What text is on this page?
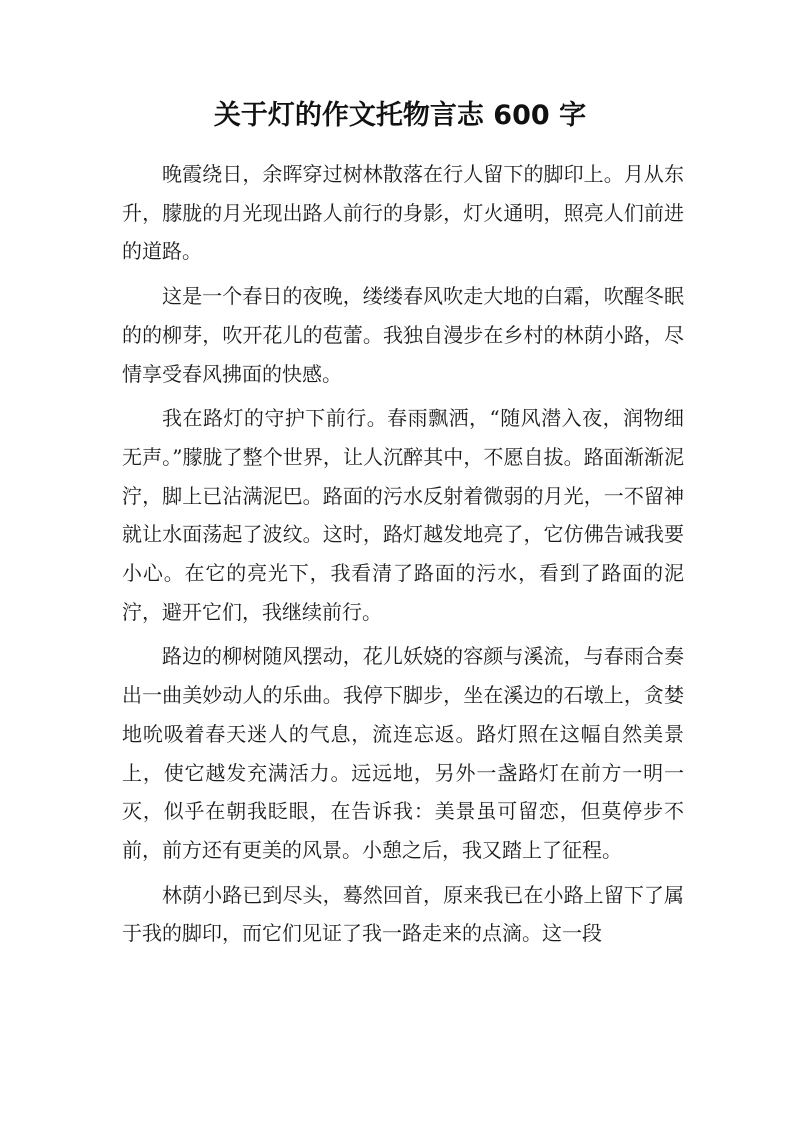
关于灯的作文托物言志 600 字

晚霞绕日，余晖穿过树林散落在行人留下的脚印上。月从东升，朦胧的月光现出路人前行的身影，灯火通明，照亮人们前进的道路。

这是一个春日的夜晚，缕缕春风吹走大地的白霜，吹醒冬眠的的柳芽，吹开花儿的苞蕾。我独自漫步在乡村的林荫小路，尽情享受春风拂面的快感。

我在路灯的守护下前行。春雨飘洒，“随风潜入夜，润物细无声。”朦胧了整个世界，让人沉醉其中，不愿自拔。路面渐渐泥泞，脚上已沾满泥巴。路面的污水反射着微弱的月光，一不留神就让水面荡起了波纹。这时，路灯越发地亮了，它仿佛告诫我要小心。在它的亮光下，我看清了路面的污水，看到了路面的泥泞，避开它们，我继续前行。

路边的柳树随风摆动，花儿妖娆的容颜与溪流，与春雨合奏出一曲美妙动人的乐曲。我停下脚步，坐在溪边的石墩上，贪婪地吮吸着春天迷人的气息，流连忘返。路灯照在这幅自然美景上，使它越发充满活力。远远地，另外一盏路灯在前方一明一灭，似乎在朝我眨眼，在告诉我：美景虽可留恋，但莫停步不前，前方还有更美的风景。小憩之后，我又踏上了征程。

林荫小路已到尽头，蓦然回首，原来我已在小路上留下了属于我的脚印，而它们见证了我一路走来的点滴。这一段
